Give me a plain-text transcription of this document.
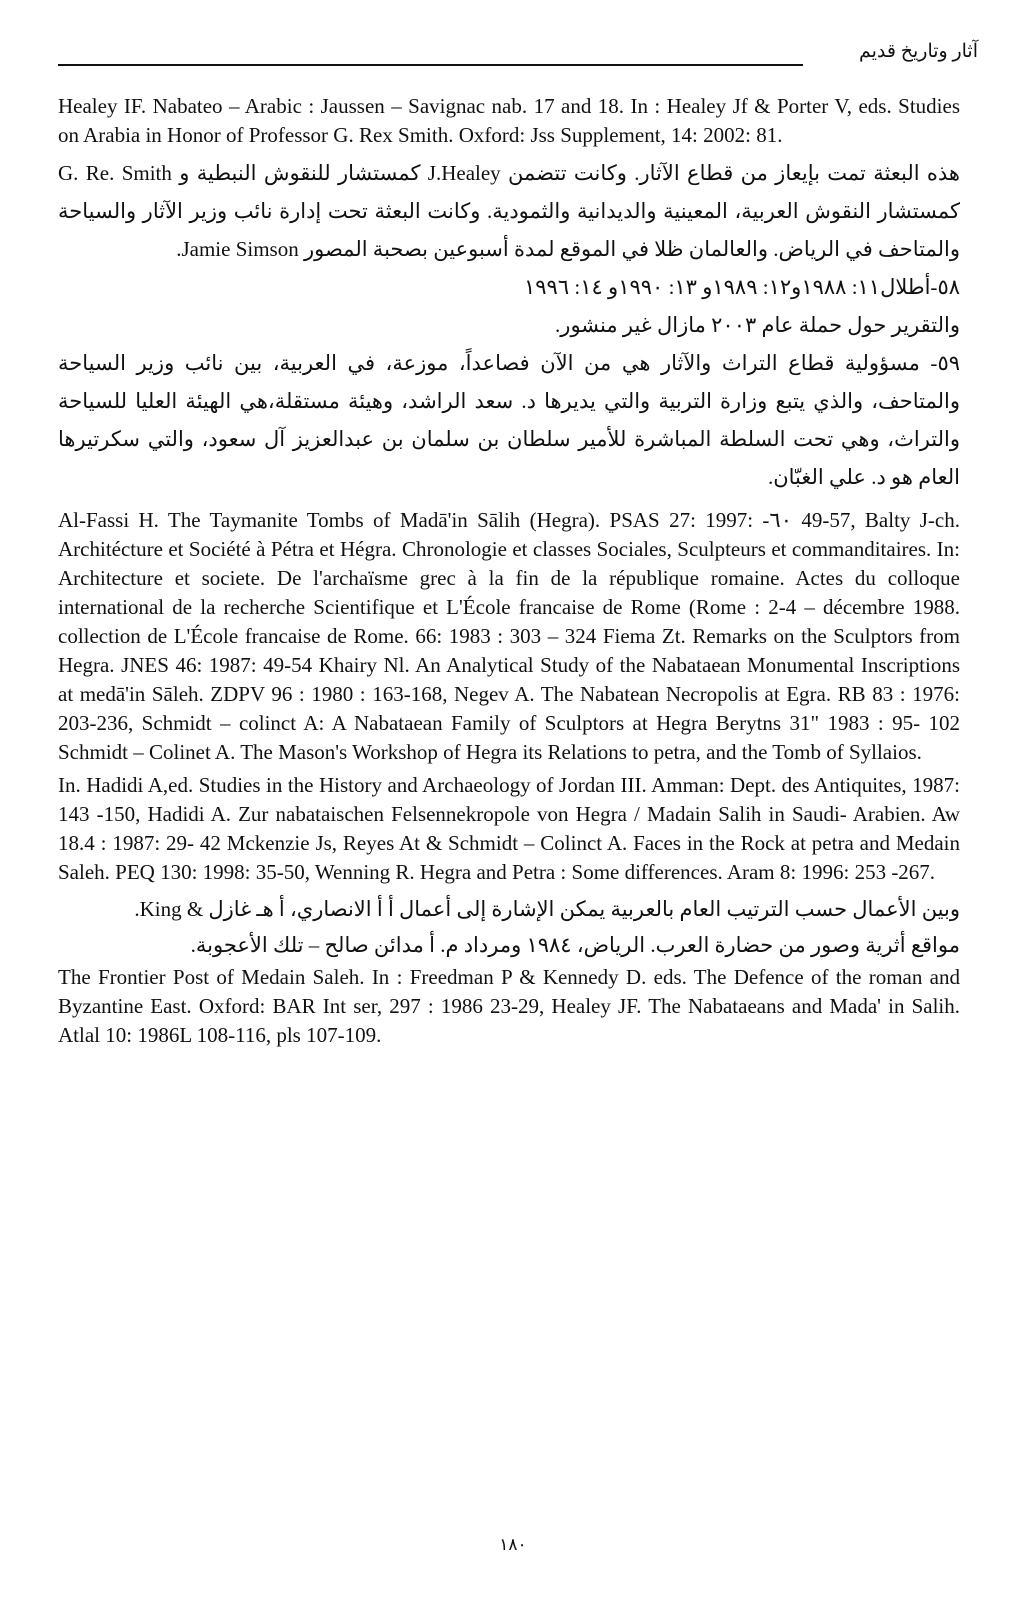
آثار وتاريخ قديم

Healey IF. Nabateo – Arabic : Jaussen – Savignac nab. 17 and 18. In : Healey Jf & Porter V, eds. Studies on Arabia in Honor of Professor G. Rex Smith. Oxford: Jss Supplement, 14: 2002: 81.

هذه البعثة تمت بإيعاز من قطاع الآثار. وكانت تتضمن J.Healey كمستشار للنقوش النبطية و G. Re. Smith كمستشار النقوش العربية، المعينية والديدانية والثمودية. وكانت البعثة تحت إدارة نائب وزير الآثار والسياحة والمتاحف في الرياض. والعالمان ظلا في الموقع لمدة أسبوعين بصحبة المصور Jamie Simson.

٥٨-أطلال١١: ١٩٨٨و١٢: ١٩٨٩و ١٣: ١٩٩٠و ١٤: ١٩٩٦

والتقرير حول حملة عام ٢٠٠٣ مازال غير منشور.

٥٩- مسؤولية قطاع التراث والآثار هي من الآن فصاعداً، موزعة، في العربية، بين نائب وزير السياحة والمتاحف، والذي يتبع وزارة التربية والتي يديرها د. سعد الراشد، وهيئة مستقلة،هي الهيئة العليا للسياحة والتراث، وهي تحت السلطة المباشرة للأمير سلطان بن سلمان بن عبدالعزيز آل سعود، والتي سكرتيرها العام هو د. علي الغبّان.

Al-Fassi H. The Taymanite Tombs of Madā'in Sālih (Hegra). PSAS 27: 1997: -٦٠ 49-57, Balty J-ch. Architécture et Société à Pétra et Hégra. Chronologie et classes Sociales, Sculpteurs et commanditaires. In: Architecture et societe. De l'archaïsme grec à la fin de la république romaine. Actes du colloque international de la recherche Scientifique et L'École francaise de Rome (Rome : 2-4 – décembre 1988. collection de L'École francaise de Rome. 66: 1983 : 303 – 324 Fiema Zt. Remarks on the Sculptors from Hegra. JNES 46: 1987: 49-54 Khairy Nl. An Analytical Study of the Nabataean Monumental Inscriptions at medā'in Sāleh. ZDPV 96 : 1980 : 163-168, Negev A. The Nabatean Necropolis at Egra. RB 83 : 1976: 203-236, Schmidt – colinct A: A Nabataean Family of Sculptors at Hegra Berytns 31" 1983 : 95- 102 Schmidt – Colinet A. The Mason's Workshop of Hegra its Relations to petra, and the Tomb of Syllaios.

In. Hadidi A,ed. Studies in the History and Archaeology of Jordan III. Amman: Dept. des Antiquites, 1987: 143 -150, Hadidi A. Zur nabataischen Felsennekropole von Hegra / Madain Salih in Saudi- Arabien. Aw 18.4 : 1987: 29- 42 Mckenzie Js, Reyes At & Schmidt – Colinct A. Faces in the Rock at petra and Medain Saleh. PEQ 130: 1998: 35-50, Wenning R. Hegra and Petra : Some differences. Aram 8: 1996: 253 -267.

وبين الأعمال حسب الترتيب العام بالعربية يمكن الإشارة إلى أعمال أ أ الانصاري، أ هـ غازل & King.

مواقع أثرية وصور من حضارة العرب. الرياض، ١٩٨٤ ومرداد م. أ مدائن صالح – تلك الأعجوبة.

The Frontier Post of Medain Saleh. In : Freedman P & Kennedy D. eds. The Defence of the roman and Byzantine East. Oxford: BAR Int ser, 297 : 1986 23-29, Healey JF. The Nabataeans and Mada' in Salih. Atlal 10: 1986L 108-116, pls 107-109.

١٨٠
